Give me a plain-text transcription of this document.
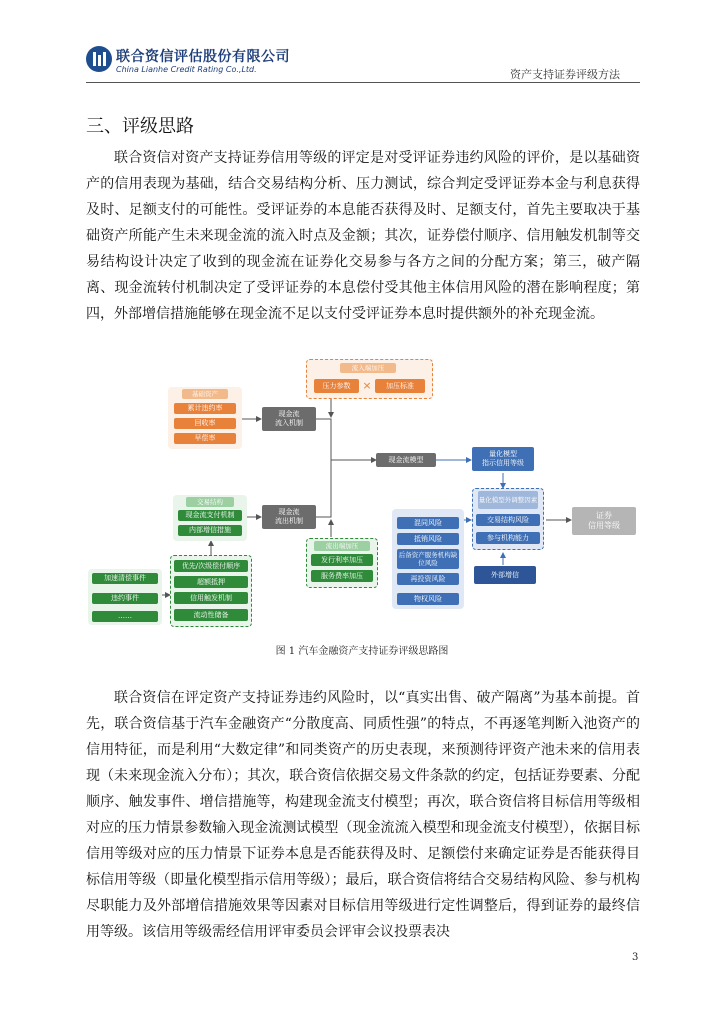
联合资信评估股份有限公司
China Lianhe Credit Rating Co.,Ltd.	资产支持证券评级方法
三、评级思路

联合资信对资产支持证券信用等级的评定是对受评证券违约风险的评价，是以基础资产的信用表现为基础，结合交易结构分析、压力测试，综合判定受评证券本金与利息获得及时、足额支付的可能性。受评证券的本息能否获得及时、足额支付，首先主要取决于基础资产所能产生未来现金流的流入时点及金额；其次，证券偿付顺序、信用触发机制等交易结构设计决定了收到的现金流在证券化交易参与各方之间的分配方案；第三，破产隔离、现金流转付机制决定了受评证券的本息偿付受其他主体信用风险的潜在影响程度；第四，外部增信措施能够在现金流不足以支付受评证券本息时提供额外的补充现金流。

流入端加压
压力参数	×	加压标准
基础资产
累计违约率
回收率
早偿率
现金流
流入机制
现金流模型
量化模型
指示信用等级
交易结构
现金流支付机制
内部增信措施
现金流
流出机制
流出端加压
发行利率加压
服务费率加压
加速清偿事件
违约事件
……
优先/次级偿付顺序
超额抵押
信用触发机制
流动性储备
混同风险
抵销风险
后备资产服务机构缺位风险
再投资风险
物权风险
量化模型外调整因素
交易结构风险
参与机构能力
外部增信
证券
信用等级
图 1 汽车金融资产支持证券评级思路图

联合资信在评定资产支持证券违约风险时，以“真实出售、破产隔离”为基本前提。首先，联合资信基于汽车金融资产“分散度高、同质性强”的特点，不再逐笔判断入池资产的信用特征，而是利用“大数定律”和同类资产的历史表现，来预测待评资产池未来的信用表现（未来现金流入分布）；其次，联合资信依据交易文件条款的约定，包括证券要素、分配顺序、触发事件、增信措施等，构建现金流支付模型；再次，联合资信将目标信用等级相对应的压力情景参数输入现金流测试模型（现金流流入模型和现金流支付模型），依据目标信用等级对应的压力情景下证券本息是否能获得及时、足额偿付来确定证券是否能获得目标信用等级（即量化模型指示信用等级）；最后，联合资信将结合交易结构风险、参与机构尽职能力及外部增信措施效果等因素对目标信用等级进行定性调整后，得到证券的最终信用等级。该信用等级需经信用评审委员会评审会议投票表决

3
